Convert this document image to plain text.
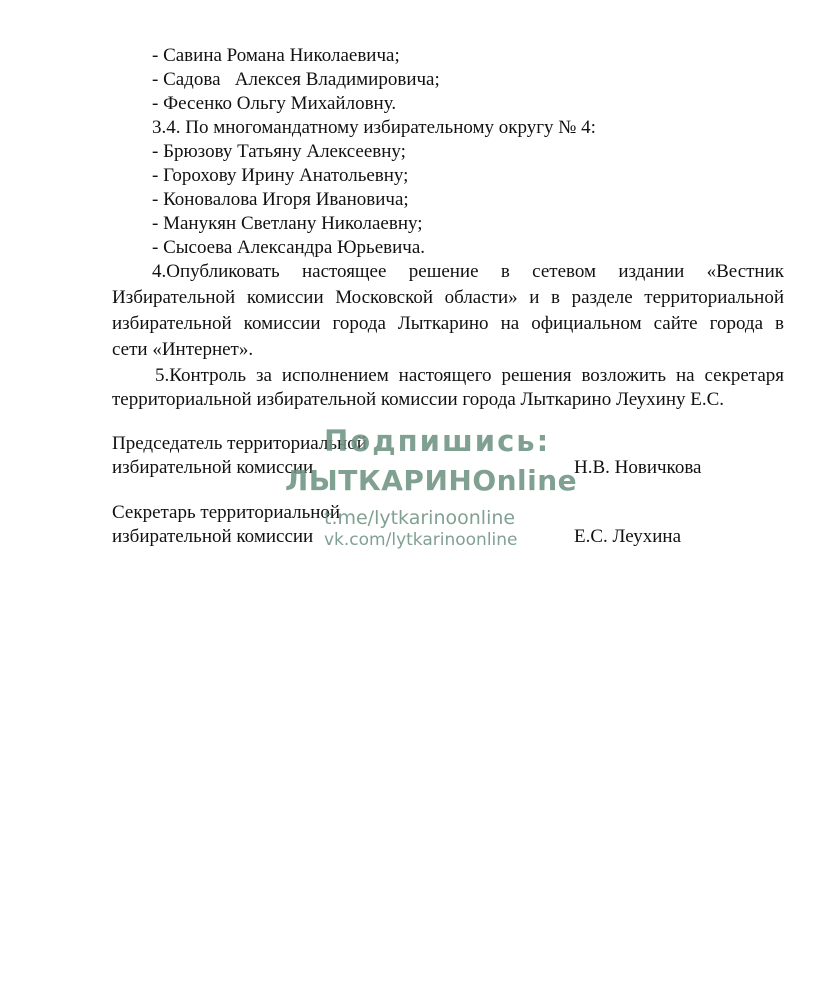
- Савина Романа Николаевича;
- Садова   Алексея Владимировича;
- Фесенко Ольгу Михайловну.
3.4. По многомандатному избирательному округу № 4:
- Брюзову Татьяну Алексеевну;
- Горохову Ирину Анатольевну;
- Коновалова Игоря Ивановича;
- Манукян Светлану Николаевну;
- Сысоева Александра Юрьевича.
4.Опубликовать настоящее решение в сетевом издании «Вестник
Избирательной комиссии Московской области» и в разделе территориальной
избирательной комиссии города Лыткарино на официальном сайте города в
сети «Интернет».
5.Контроль за исполнением настоящего решения возложить на секретаря
территориальной избирательной комиссии города Лыткарино Леухину Е.С.
Председатель территориальной
избирательной комиссии	Н.В. Новичкова
Секретарь территориальной
избирательной комиссии	Е.С. Леухина
Подпишись:
ЛЫТКАРИНОnline
t.me/lytkarinoonline
vk.com/lytkarinoonline
